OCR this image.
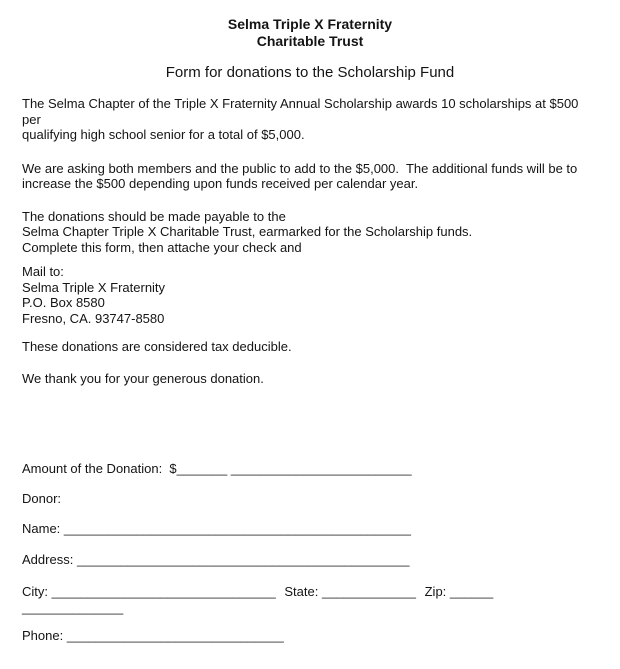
Selma Triple X Fraternity
Charitable Trust
Form for donations to the Scholarship Fund
The Selma Chapter of the Triple X Fraternity Annual Scholarship awards 10 scholarships at $500 per
qualifying high school senior for a total of $5,000.
We are asking both members and the public to add to the $5,000.  The additional funds will be to
increase the $500 depending upon funds received per calendar year.
The donations should be made payable to the
Selma Chapter Triple X Charitable Trust, earmarked for the Scholarship funds.
Complete this form, then attache your check and
Mail to:
Selma Triple X Fraternity
P.O. Box 8580
Fresno, CA. 93747-8580
These donations are considered tax deducible.
We thank you for your generous donation.
Amount of the Donation:  $_______ _________________________
Donor:
Name: ________________________________________________
Address: ______________________________________________
City: _______________________________ State: _____________ Zip: ______ ______________
Phone: ______________________________
